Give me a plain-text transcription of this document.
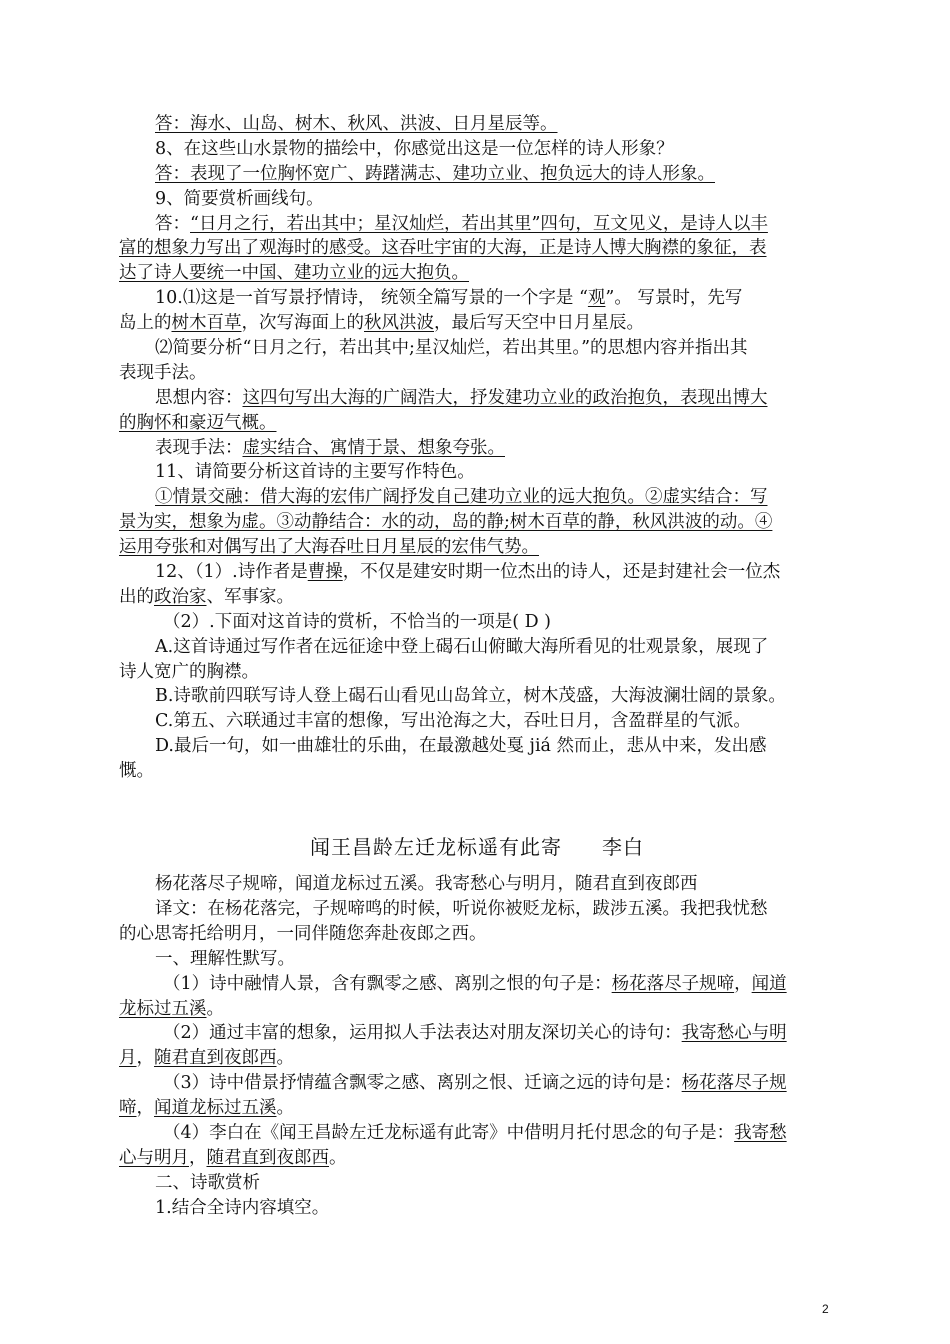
答：海水、山岛、树木、秋风、洪波、日月星辰等。
8、在这些山水景物的描绘中，你感觉出这是一位怎样的诗人形象？
答：表现了一位胸怀宽广、踌躇满志、建功立业、抱负远大的诗人形象。
9、简要赏析画线句。
答：“日月之行，若出其中；星汉灿烂，若出其里”四句，互文见义，是诗人以丰
富的想象力写出了观海时的感受。这吞吐宇宙的大海，正是诗人博大胸襟的象征，表
达了诗人要统一中国、建功立业的远大抱负。
10.⑴这是一首写景抒情诗， 统领全篇写景的一个字是 “观”。 写景时，先写
岛上的树木百草，次写海面上的秋风洪波，最后写天空中日月星辰。
⑵简要分析“日月之行，若出其中;星汉灿烂，若出其里。”的思想内容并指出其
表现手法。
思想内容：这四句写出大海的广阔浩大，抒发建功立业的政治抱负，表现出博大
的胸怀和豪迈气概。
表现手法：虚实结合、寓情于景、想象夸张。
11、请简要分析这首诗的主要写作特色。
①情景交融：借大海的宏伟广阔抒发自己建功立业的远大抱负。②虚实结合：写
景为实，想象为虚。③动静结合：水的动，岛的静;树木百草的静，秋风洪波的动。④
运用夸张和对偶写出了大海吞吐日月星辰的宏伟气势。
12、（1）.诗作者是曹操，不仅是建安时期一位杰出的诗人，还是封建社会一位杰
出的政治家、军事家。
（2）.下面对这首诗的赏析，不恰当的一项是( D )
A.这首诗通过写作者在远征途中登上碣石山俯瞰大海所看见的壮观景象，展现了
诗人宽广的胸襟。
B.诗歌前四联写诗人登上碣石山看见山岛耸立，树木茂盛，大海波澜壮阔的景象。
C.第五、六联通过丰富的想像，写出沧海之大，吞吐日月，含盈群星的气派。
D.最后一句，如一曲雄壮的乐曲，在最激越处戛 jiá 然而止，悲从中来，发出感
慨。
闻王昌龄左迁龙标遥有此寄 李白
杨花落尽子规啼，闻道龙标过五溪。我寄愁心与明月，随君直到夜郎西
译文：在杨花落完，子规啼鸣的时候，听说你被贬龙标，跋涉五溪。我把我忧愁
的心思寄托给明月，一同伴随您奔赴夜郎之西。
一、理解性默写。
（1）诗中融情人景，含有飘零之感、离别之恨的句子是：杨花落尽子规啼，闻道
龙标过五溪。
（2）通过丰富的想象，运用拟人手法表达对朋友深切关心的诗句：我寄愁心与明
月，随君直到夜郎西。
（3）诗中借景抒情蕴含飘零之感、离别之恨、迁谪之远的诗句是：杨花落尽子规
啼，闻道龙标过五溪。
（4）李白在《闻王昌龄左迁龙标遥有此寄》中借明月托付思念的句子是：我寄愁
心与明月，随君直到夜郎西。
二、诗歌赏析
1.结合全诗内容填空。
2
